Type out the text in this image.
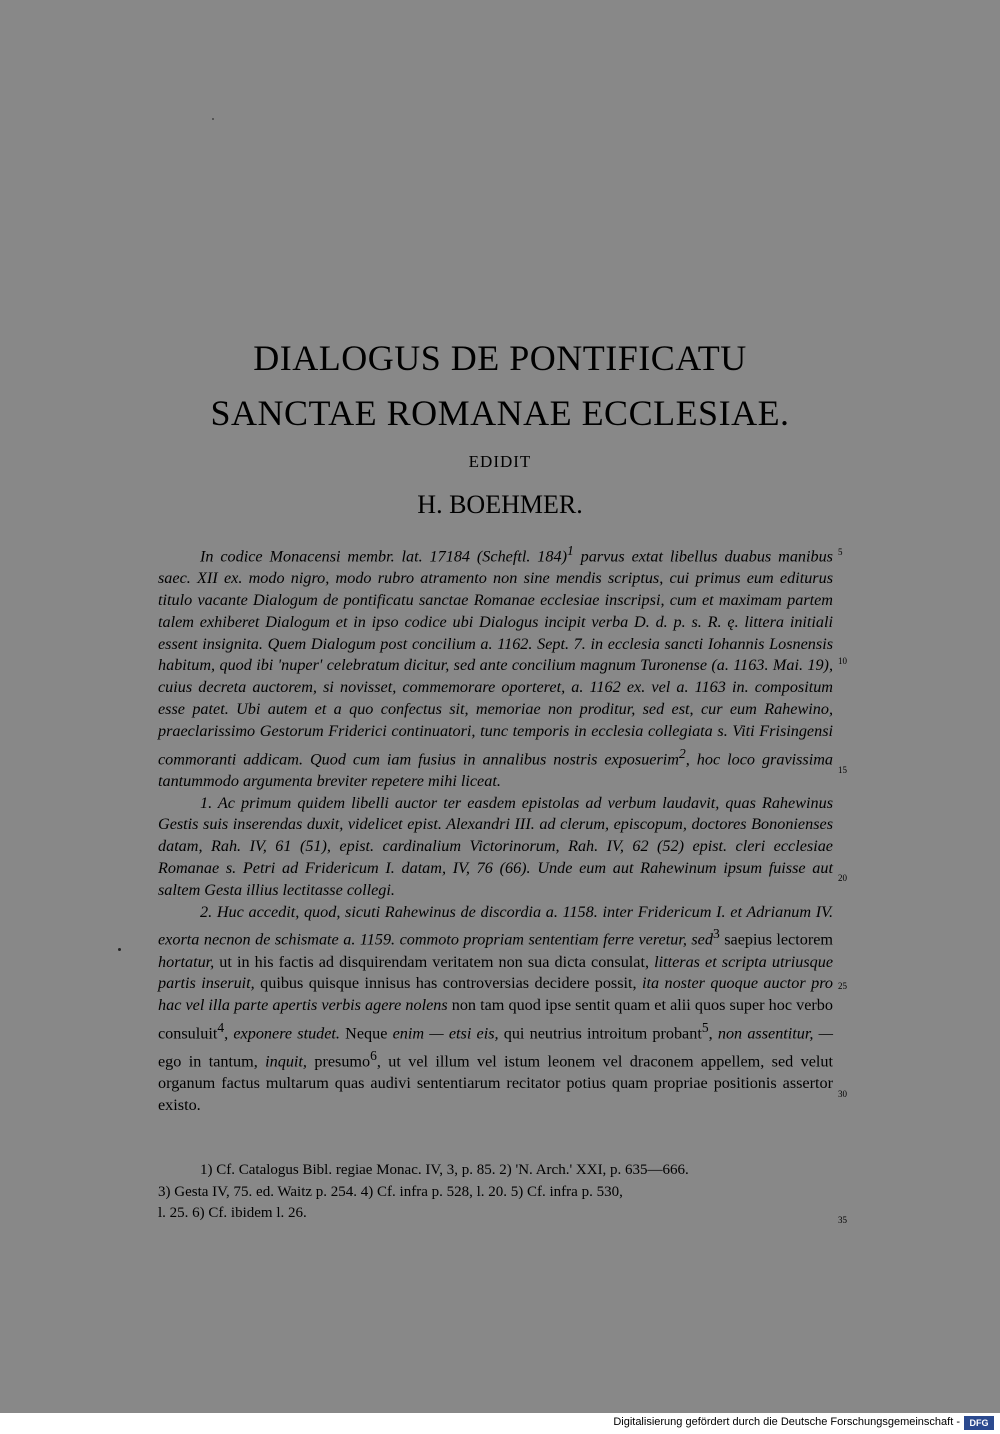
DIALOGUS DE PONTIFICATU
SANCTAE ROMANAE ECCLESIAE.
EDIDIT
H. BOEHMER.

In codice Monacensi membr. lat. 17184 (Scheftl. 184)$^1$ parvus extat libellus duabus manibus saec. XII ex. modo nigro, modo rubro atramento non sine mendis scriptus, cui primus eum editurus titulo vacante Dialogum de pontificatu sanctae Romanae ecclesiae inscripsi, cum et maximam partem talem exhiberet Dialogum et in ipso codice ubi Dialogus incipit verba D. d. p. s. R. ę. littera initiali essent insignita. Quem Dialogum post concilium a. 1162. Sept. 7. in ecclesia sancti Iohannis Losnensis habitum, quod ibi 'nuper' celebratum dicitur, sed ante concilium magnum Turonense (a. 1163. Mai. 19), cuius decreta auctorem, si novisset, commemorare oporteret, a. 1162 ex. vel a. 1163 in. compositum esse patet. Ubi autem et a quo confectus sit, memoriae non proditur, sed est, cur eum Rahewino, praeclarissimo Gestorum Friderici continuatori, tunc temporis in ecclesia collegiata s. Viti Frisingensi commoranti addicam. Quod cum iam fusius in annalibus nostris exposuerim$^2$, hoc loco gravissima tantummodo argumenta breviter repetere mihi liceat.

1. Ac primum quidem libelli auctor ter easdem epistolas ad verbum laudavit, quas Rahewinus Gestis suis inserendas duxit, videlicet epist. Alexandri III. ad clerum, episcopum, doctores Bononienses datam, Rah. IV, 61 (51), epist. cardinalium Victorinorum, Rah. IV, 62 (52) epist. cleri ecclesiae Romanae s. Petri ad Fridericum I. datam, IV, 76 (66). Unde eum aut Rahewinum ipsum fuisse aut saltem Gesta illius lectitasse collegi.

2. Huc accedit, quod, sicuti Rahewinus de discordia a. 1158. inter Fridericum I. et Adrianum IV. exorta necnon de schismate a. 1159. commoto propriam sententiam ferre veretur, sed$^3$ saepius lectorem hortatur, ut in his factis ad disquirendam veritatem non sua dicta consulat, litteras et scripta utriusque partis inseruit, quibus quisque innisus has controversias decidere possit, ita noster quoque auctor pro hac vel illa parte apertis verbis agere nolens non tam quod ipse sentit quam et alii quos super hoc verbo consuluit$^4$, exponere studet. Neque enim — etsi eis, qui neutrius introitum probant$^5$, non assentitur, — ego in tantum, inquit, presumo$^6$, ut vel illum vel istum leonem vel draconem appellem, sed velut organum factus multarum quas audivi sententiarum recitator potius quam propriae positionis assertor existo.

5
10
15
20
25
30
35

1) Cf. Catalogus Bibl. regiae Monac. IV, 3, p. 85. 2) 'N. Arch.' XXI, p. 635—666.

3) Gesta IV, 75. ed. Waitz p. 254. 4) Cf. infra p. 528, l. 20. 5) Cf. infra p. 530,

l. 25. 6) Cf. ibidem l. 26.

Digitalisierung gefördert durch die Deutsche Forschungsgemeinschaft -	DFG
